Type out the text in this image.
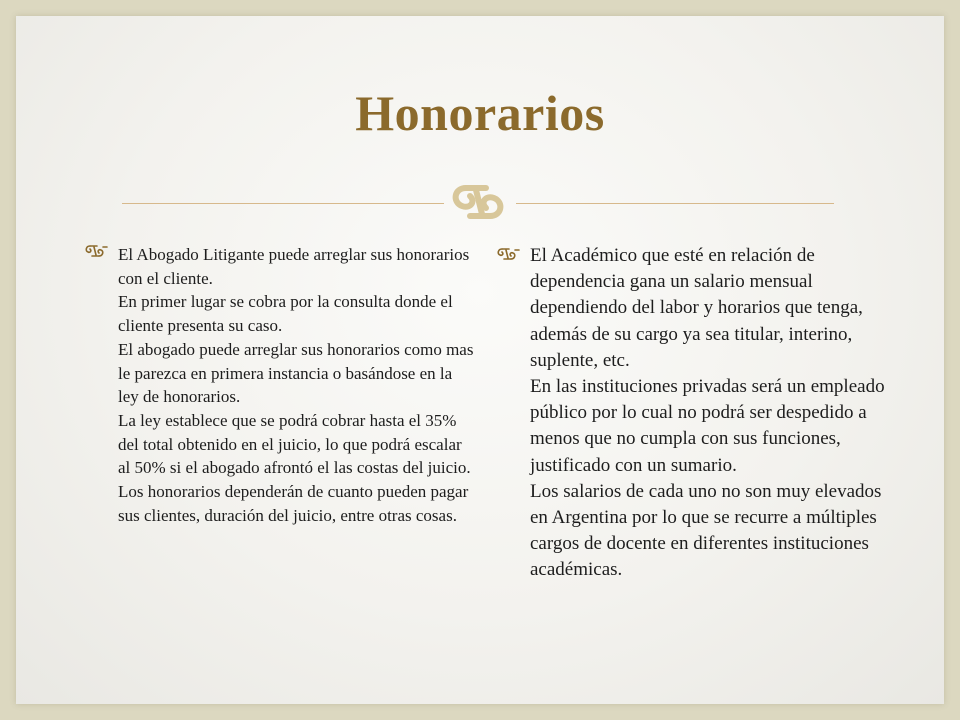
Honorarios
El Abogado Litigante puede arreglar sus honorarios con el cliente.
En primer lugar se cobra por la consulta donde el cliente presenta su caso.
El abogado puede arreglar sus honorarios como mas le parezca en primera instancia o basándose en la ley de honorarios.
La ley establece que se podrá cobrar hasta el 35% del total obtenido en el juicio, lo que podrá escalar al 50% si el abogado afrontó el las costas del juicio.
Los honorarios dependerán de cuanto pueden pagar sus clientes, duración del juicio, entre otras cosas.
El Académico que esté en relación de dependencia gana un salario mensual dependiendo del labor y horarios que tenga, además de su cargo ya sea titular, interino, suplente, etc.
En las instituciones privadas será un empleado público por lo cual no podrá ser despedido a menos que no cumpla con sus funciones, justificado con un sumario.
Los salarios de cada uno no son muy elevados en Argentina por lo que se recurre a múltiples cargos de docente en diferentes instituciones académicas.
